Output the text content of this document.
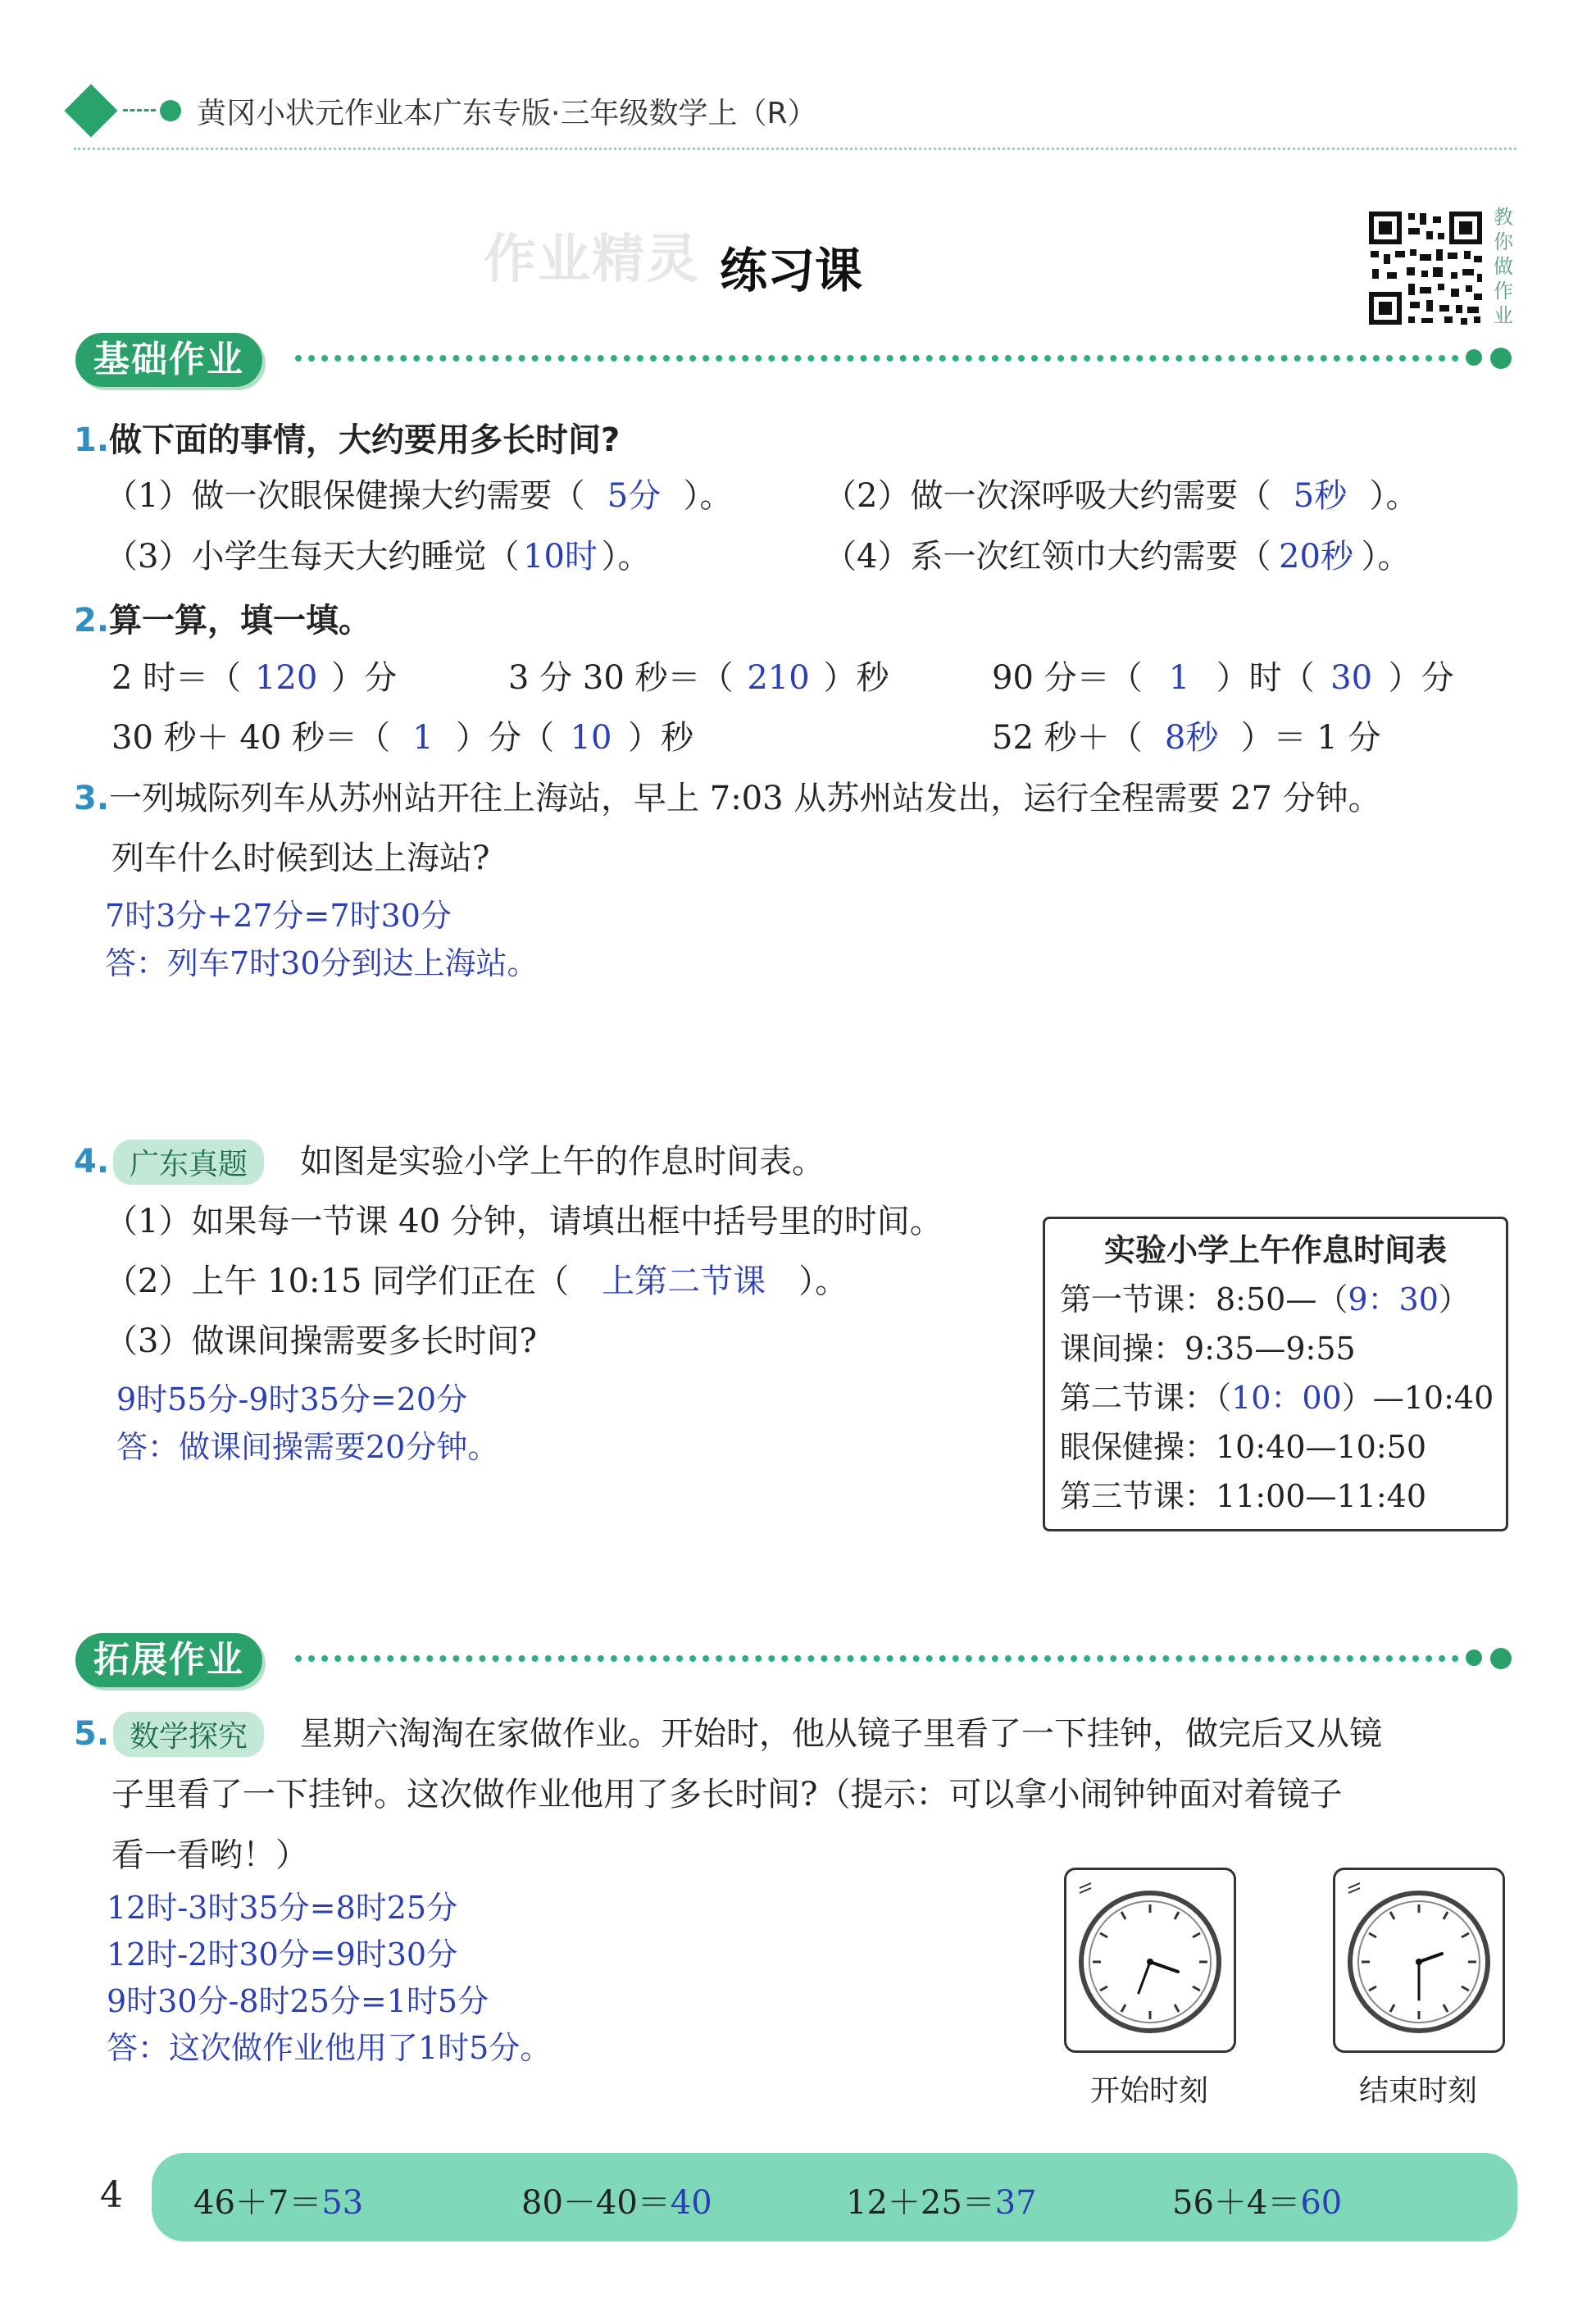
黄冈小状元作业本广东专版·三年级数学上（R）
作业精灵 练习课
教你做作业
基础作业
1.做下面的事情，大约要用多长时间?
（1）做一次眼保健操大约需要（ 5分 ）。	（2）做一次深呼吸大约需要（ 5秒 ）。
（3）小学生每天大约睡觉（ 10时 ）。	（4）系一次红领巾大约需要（ 20秒 ）。
2.算一算，填一填。
2 时＝（ 120 ）分	3 分 30 秒＝（ 210 ）秒	90 分＝（ 1 ）时（ 30 ）分
30 秒＋ 40 秒＝（ 1 ）分（ 10 ）秒	52 秒＋（ 8秒 ）＝ 1 分
3.一列城际列车从苏州站开往上海站，早上 7:03 从苏州站发出，运行全程需要 27 分钟。
列车什么时候到达上海站?
7时3分+27分=7时30分
答：列车7时30分到达上海站。
4. 广东真题	如图是实验小学上午的作息时间表。
（1）如果每一节课 40 分钟，请填出框中括号里的时间。
（2）上午 10:15 同学们正在（ 上第二节课 ）。
（3）做课间操需要多长时间?
9时55分-9时35分=20分
答：做课间操需要20分钟。
实验小学上午作息时间表
第一节课：8:50—（9：30）
课间操：9:35—9:55
第二节课：（10：00）—10:40
眼保健操：10:40—10:50
第三节课：11:00—11:40
拓展作业
5. 数学探究	星期六淘淘在家做作业。开始时，他从镜子里看了一下挂钟，做完后又从镜
子里看了一下挂钟。这次做作业他用了多长时间?（提示：可以拿小闹钟钟面对着镜子
看一看哟！）
12时-3时35分=8时25分
12时-2时30分=9时30分
9时30分-8时25分=1时5分
答：这次做作业他用了1时5分。
开始时刻	结束时刻
4 46＋7＝53	80－40＝40	12＋25＝37	56＋4＝60
